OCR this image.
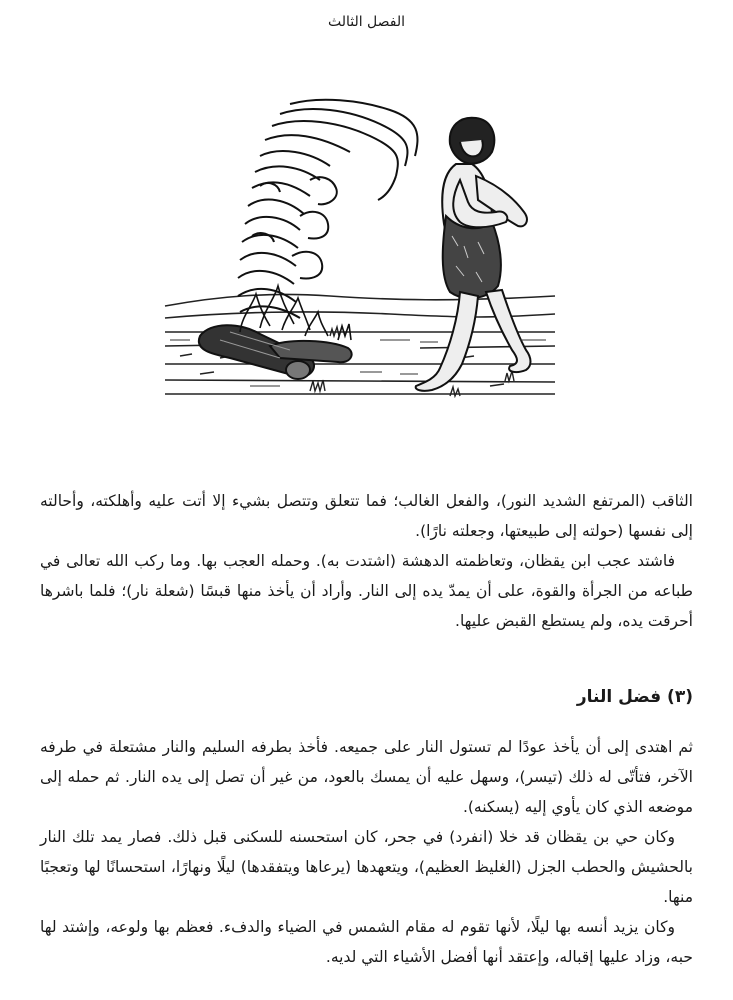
الفصل الثالث

الثاقب (المرتفع الشديد النور)، والفعل الغالب؛ فما تتعلق وتتصل بشيء إلا أتت عليه وأهلكته، وأحالته إلى نفسها (حولته إلى طبيعتها، وجعلته نارًا).

فاشتد عجب ابن يقظان، وتعاظمته الدهشة (اشتدت به). وحمله العجب بها. وما ركب الله تعالى في طباعه من الجرأة والقوة، على أن يمدّ يده إلى النار. وأراد أن يأخذ منها قبسًا (شعلة نار)؛ فلما باشرها أحرقت يده، ولم يستطع القبض عليها.

(٣) فضل النار

ثم اهتدى إلى أن يأخذ عودًا لم تستول النار على جميعه. فأخذ بطرفه السليم والنار مشتعلة في طرفه الآخر، فتأتّى له ذلك (تيسر)، وسهل عليه أن يمسك بالعود، من غير أن تصل إلى يده النار. ثم حمله إلى موضعه الذي كان يأوي إليه (يسكنه).

وكان حي بن يقظان قد خلا (انفرد) في جحر، كان استحسنه للسكنى قبل ذلك. فصار يمد تلك النار بالحشيش والحطب الجزل (الغليظ العظيم)، ويتعهدها (يرعاها ويتفقدها) ليلًا ونهارًا، استحسانًا لها وتعجبًا منها.

وكان يزيد أنسه بها ليلًا، لأنها تقوم له مقام الشمس في الضياء والدفء. فعظم بها ولوعه، وإشتد لها حبه، وزاد عليها إقباله، وإعتقد أنها أفضل الأشياء التي لديه.
